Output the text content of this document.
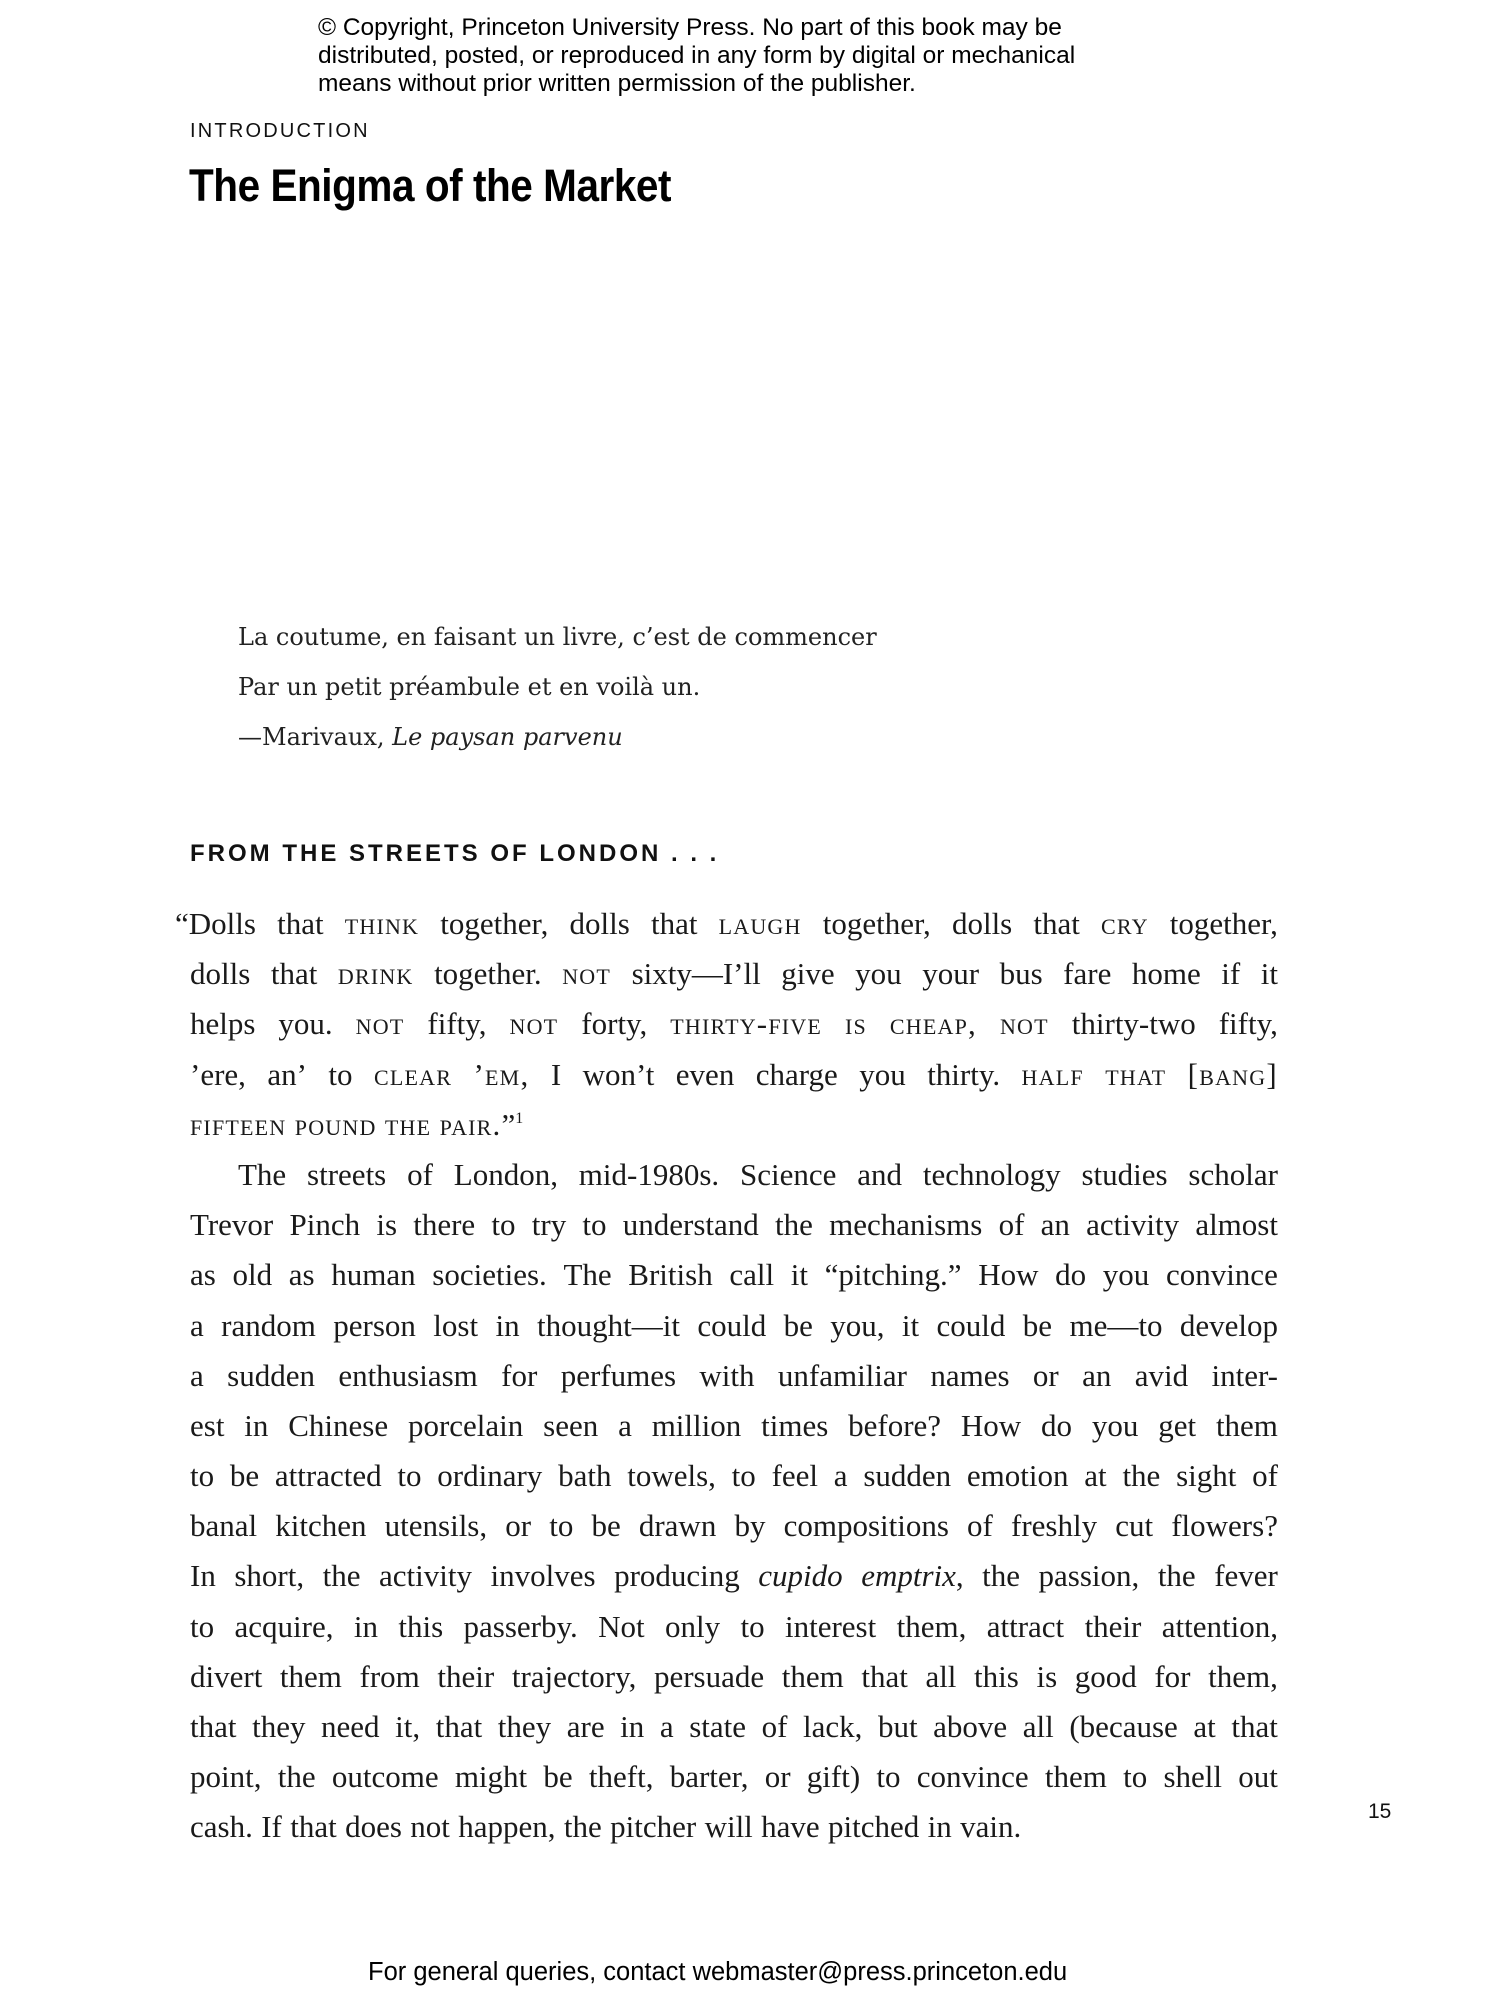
© Copyright, Princeton University Press. No part of this book may be
distributed, posted, or reproduced in any form by digital or mechanical
means without prior written permission of the publisher.
INTRODUCTION
The Enigma of the Market
La coutume, en faisant un livre, c’est de commencer
Par un petit préambule et en voilà un.
—Marivaux, Le paysan parvenu
FROM THE STREETS OF LONDON . . .
“Dolls that think together, dolls that laugh together, dolls that cry together,
dolls that drink together. not sixty—I’ll give you your bus fare home if it
helps you. not fifty, not forty, thirty-five is cheap, not thirty-two fifty,
’ere, an’ to clear ’em, I won’t even charge you thirty. half that [bang]
fifteen pound the pair.”$^1$
The streets of London, mid-1980s. Science and technology studies scholar
Trevor Pinch is there to try to understand the mechanisms of an activity almost
as old as human societies. The British call it “pitching.” How do you convince
a random person lost in thought—it could be you, it could be me—to develop
a sudden enthusiasm for perfumes with unfamiliar names or an avid inter-
est in Chinese porcelain seen a million times before? How do you get them
to be attracted to ordinary bath towels, to feel a sudden emotion at the sight of
banal kitchen utensils, or to be drawn by compositions of freshly cut flowers?
In short, the activity involves producing cupido emptrix, the passion, the fever
to acquire, in this passerby. Not only to interest them, attract their attention,
divert them from their trajectory, persuade them that all this is good for them,
that they need it, that they are in a state of lack, but above all (because at that
point, the outcome might be theft, barter, or gift) to convince them to shell out
cash. If that does not happen, the pitcher will have pitched in vain.	15
For general queries, contact webmaster@press.princeton.edu
